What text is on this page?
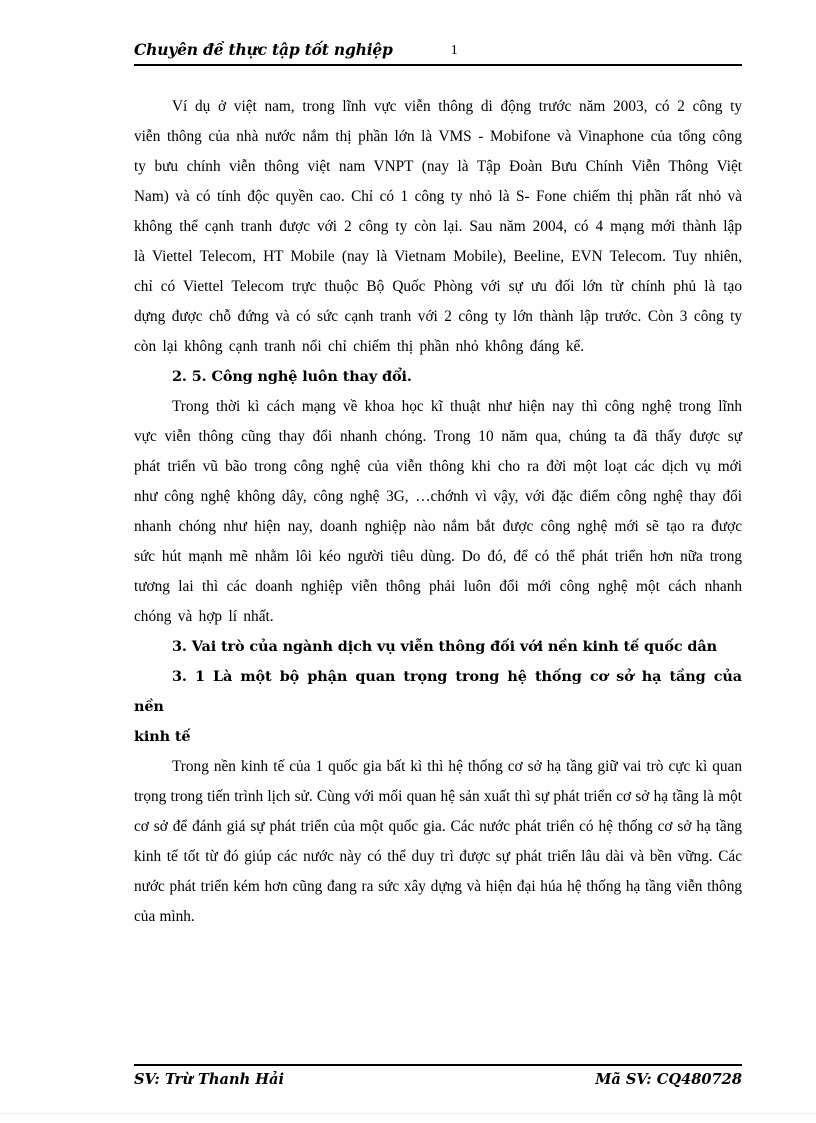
Chuyên đề thực tập tốt nghiệp	1

Ví dụ ở việt nam, trong lĩnh vực viễn thông di động trước năm 2003, có 2 công ty viễn thông của nhà nước nắm thị phần lớn là VMS - Mobifone và Vinaphone của tổng công ty bưu chính viễn thông việt nam VNPT (nay là Tập Đoàn Bưu Chính Viễn Thông Việt Nam) và có tính độc quyền cao. Chỉ có 1 công ty nhỏ là S- Fone chiếm thị phần rất nhỏ và không thể cạnh tranh được với 2 công ty còn lại. Sau năm 2004, có 4 mạng mới thành lập là Viettel Telecom, HT Mobile (nay là Vietnam Mobile), Beeline, EVN Telecom. Tuy nhiên, chỉ có Viettel Telecom trực thuộc Bộ Quốc Phòng với sự ưu đối lớn từ chính phủ là tạo dựng được chỗ đứng và có sức cạnh tranh với 2 công ty lớn thành lập trước. Còn 3 công ty còn lại không cạnh tranh nổi chỉ chiếm thị phần nhỏ không đáng kể.

2. 5. Công nghệ luôn thay đổi.

Trong thời kì cách mạng về khoa học kĩ thuật như hiện nay thì công nghệ trong lĩnh vực viễn thông cũng thay đổi nhanh chóng. Trong 10 năm qua, chúng ta đã thấy được sự phát triển vũ bão trong công nghệ của viễn thông khi cho ra đời một loạt các dịch vụ mới như công nghệ không dây, công nghệ 3G, …chớnh vì vậy, với đặc điểm công nghệ thay đổi nhanh chóng như hiện nay, doanh nghiệp nào nắm bắt được công nghệ mới sẽ tạo ra được sức hút mạnh mẽ nhằm lôi kéo người tiêu dùng. Do đó, để có thể phát triển hơn nữa trong tương lai thì các doanh nghiệp viễn thông phải luôn đổi mới công nghệ một cách nhanh chóng và hợp lí nhất.

3. Vai trò của ngành dịch vụ viễn thông đối với nền kinh tế quốc dân

3. 1 Là một bộ phận quan trọng trong hệ thống cơ sở hạ tầng của nền

kinh tế

Trong nền kinh tế của 1 quốc gia bất kì thì hệ thống cơ sở hạ tầng giữ vai trò cực kì quan trọng trong tiến trình lịch sử. Cùng với mối quan hệ sản xuất thì sự phát triển cơ sở hạ tầng là một cơ sở để đánh giá sự phát triển của một quốc gia. Các nước phát triển có hệ thống cơ sở hạ tầng kinh tế tốt từ đó giúp các nước này có thể duy trì được sự phát triển lâu dài và bền vững. Các nước phát triển kém hơn cũng đang ra sức xây dựng và hiện đại húa hệ thống hạ tầng viễn thông của mình.

SV: Trừ Thanh Hải	Mã SV: CQ480728
